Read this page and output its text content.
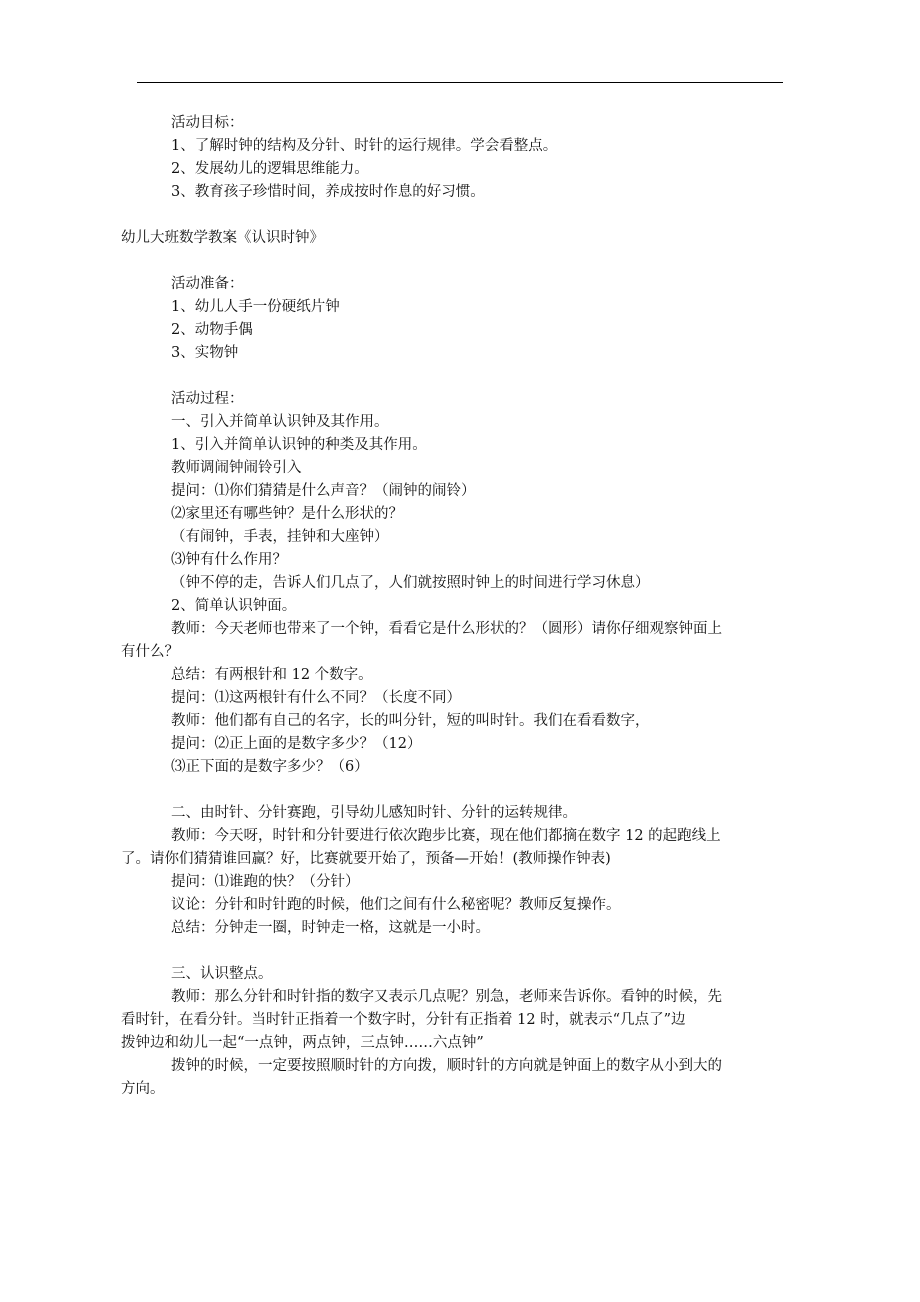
活动目标：
1、了解时钟的结构及分针、时针的运行规律。学会看整点。
2、发展幼儿的逻辑思维能力。
3、教育孩子珍惜时间，养成按时作息的好习惯。
幼儿大班数学教案《认识时钟》
活动准备：
1、幼儿人手一份硬纸片钟
2、动物手偶
3、实物钟
活动过程：
一、引入并简单认识钟及其作用。
1、引入并简单认识钟的种类及其作用。
教师调闹钟闹铃引入
提问：⑴你们猜猜是什么声音？（闹钟的闹铃）
⑵家里还有哪些钟？是什么形状的？
（有闹钟，手表，挂钟和大座钟）
⑶钟有什么作用？
（钟不停的走，告诉人们几点了，人们就按照时钟上的时间进行学习休息）
2、简单认识钟面。
教师：今天老师也带来了一个钟，看看它是什么形状的？（圆形）请你仔细观察钟面上
有什么？
总结：有两根针和 12 个数字。
提问：⑴这两根针有什么不同？（长度不同）
教师：他们都有自己的名字，长的叫分针，短的叫时针。我们在看看数字，
提问：⑵正上面的是数字多少？（12）
⑶正下面的是数字多少？（6）
二、由时针、分针赛跑，引导幼儿感知时针、分针的运转规律。
教师：今天呀，时针和分针要进行依次跑步比赛，现在他们都摘在数字 12 的起跑线上
了。请你们猜猜谁回赢？好，比赛就要开始了，预备—开始！(教师操作钟表)
提问：⑴谁跑的快？（分针）
议论：分针和时针跑的时候，他们之间有什么秘密呢？教师反复操作。
总结：分钟走一圈，时钟走一格，这就是一小时。
三、认识整点。
教师：那么分针和时针指的数字又表示几点呢？别急，老师来告诉你。看钟的时候，先
看时针，在看分针。当时针正指着一个数字时，分针有正指着 12 时，就表示“几点了”边
拨钟边和幼儿一起“一点钟，两点钟，三点钟……六点钟”
拨钟的时候，一定要按照顺时针的方向拨，顺时针的方向就是钟面上的数字从小到大的
方向。
